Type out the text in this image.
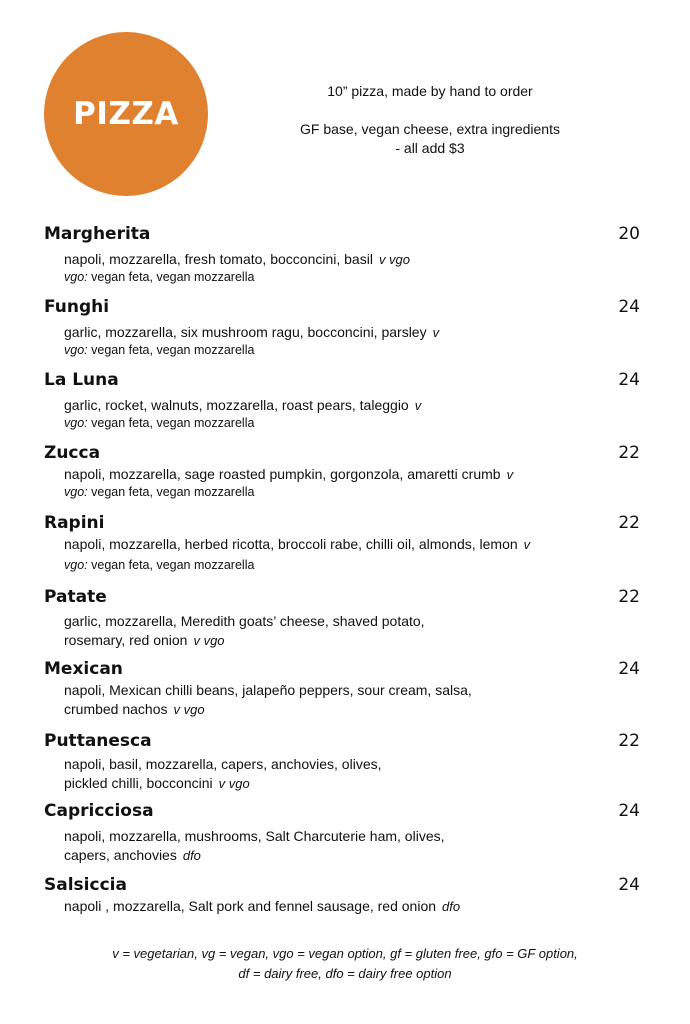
PIZZA
10” pizza, made by hand to order
GF base, vegan cheese, extra ingredients
- all add $3
Margherita	20
napoli, mozzarella, fresh tomato, bocconcini, basil v vgo
vgo: vegan feta, vegan mozzarella
Funghi	24
garlic, mozzarella, six mushroom ragu, bocconcini, parsley v
vgo: vegan feta, vegan mozzarella
La Luna	24
garlic, rocket, walnuts, mozzarella, roast pears, taleggio v
vgo: vegan feta, vegan mozzarella
Zucca	22
napoli, mozzarella, sage roasted pumpkin, gorgonzola, amaretti crumb v
vgo: vegan feta, vegan mozzarella
Rapini	22
napoli, mozzarella, herbed ricotta, broccoli rabe, chilli oil, almonds, lemon v
vgo: vegan feta, vegan mozzarella
Patate	22
garlic, mozzarella, Meredith goats’ cheese, shaved potato,
rosemary, red onion v vgo
Mexican	24
napoli, Mexican chilli beans, jalapeño peppers, sour cream, salsa,
crumbed nachos v vgo
Puttanesca	22
napoli, basil, mozzarella, capers, anchovies, olives,
pickled chilli, bocconcini v vgo
Capricciosa	24
napoli, mozzarella, mushrooms, Salt Charcuterie ham, olives,
capers, anchovies dfo
Salsiccia	24
napoli , mozzarella, Salt pork and fennel sausage, red onion dfo
v = vegetarian, vg = vegan, vgo = vegan option, gf = gluten free, gfo = GF option,
df = dairy free, dfo = dairy free option
